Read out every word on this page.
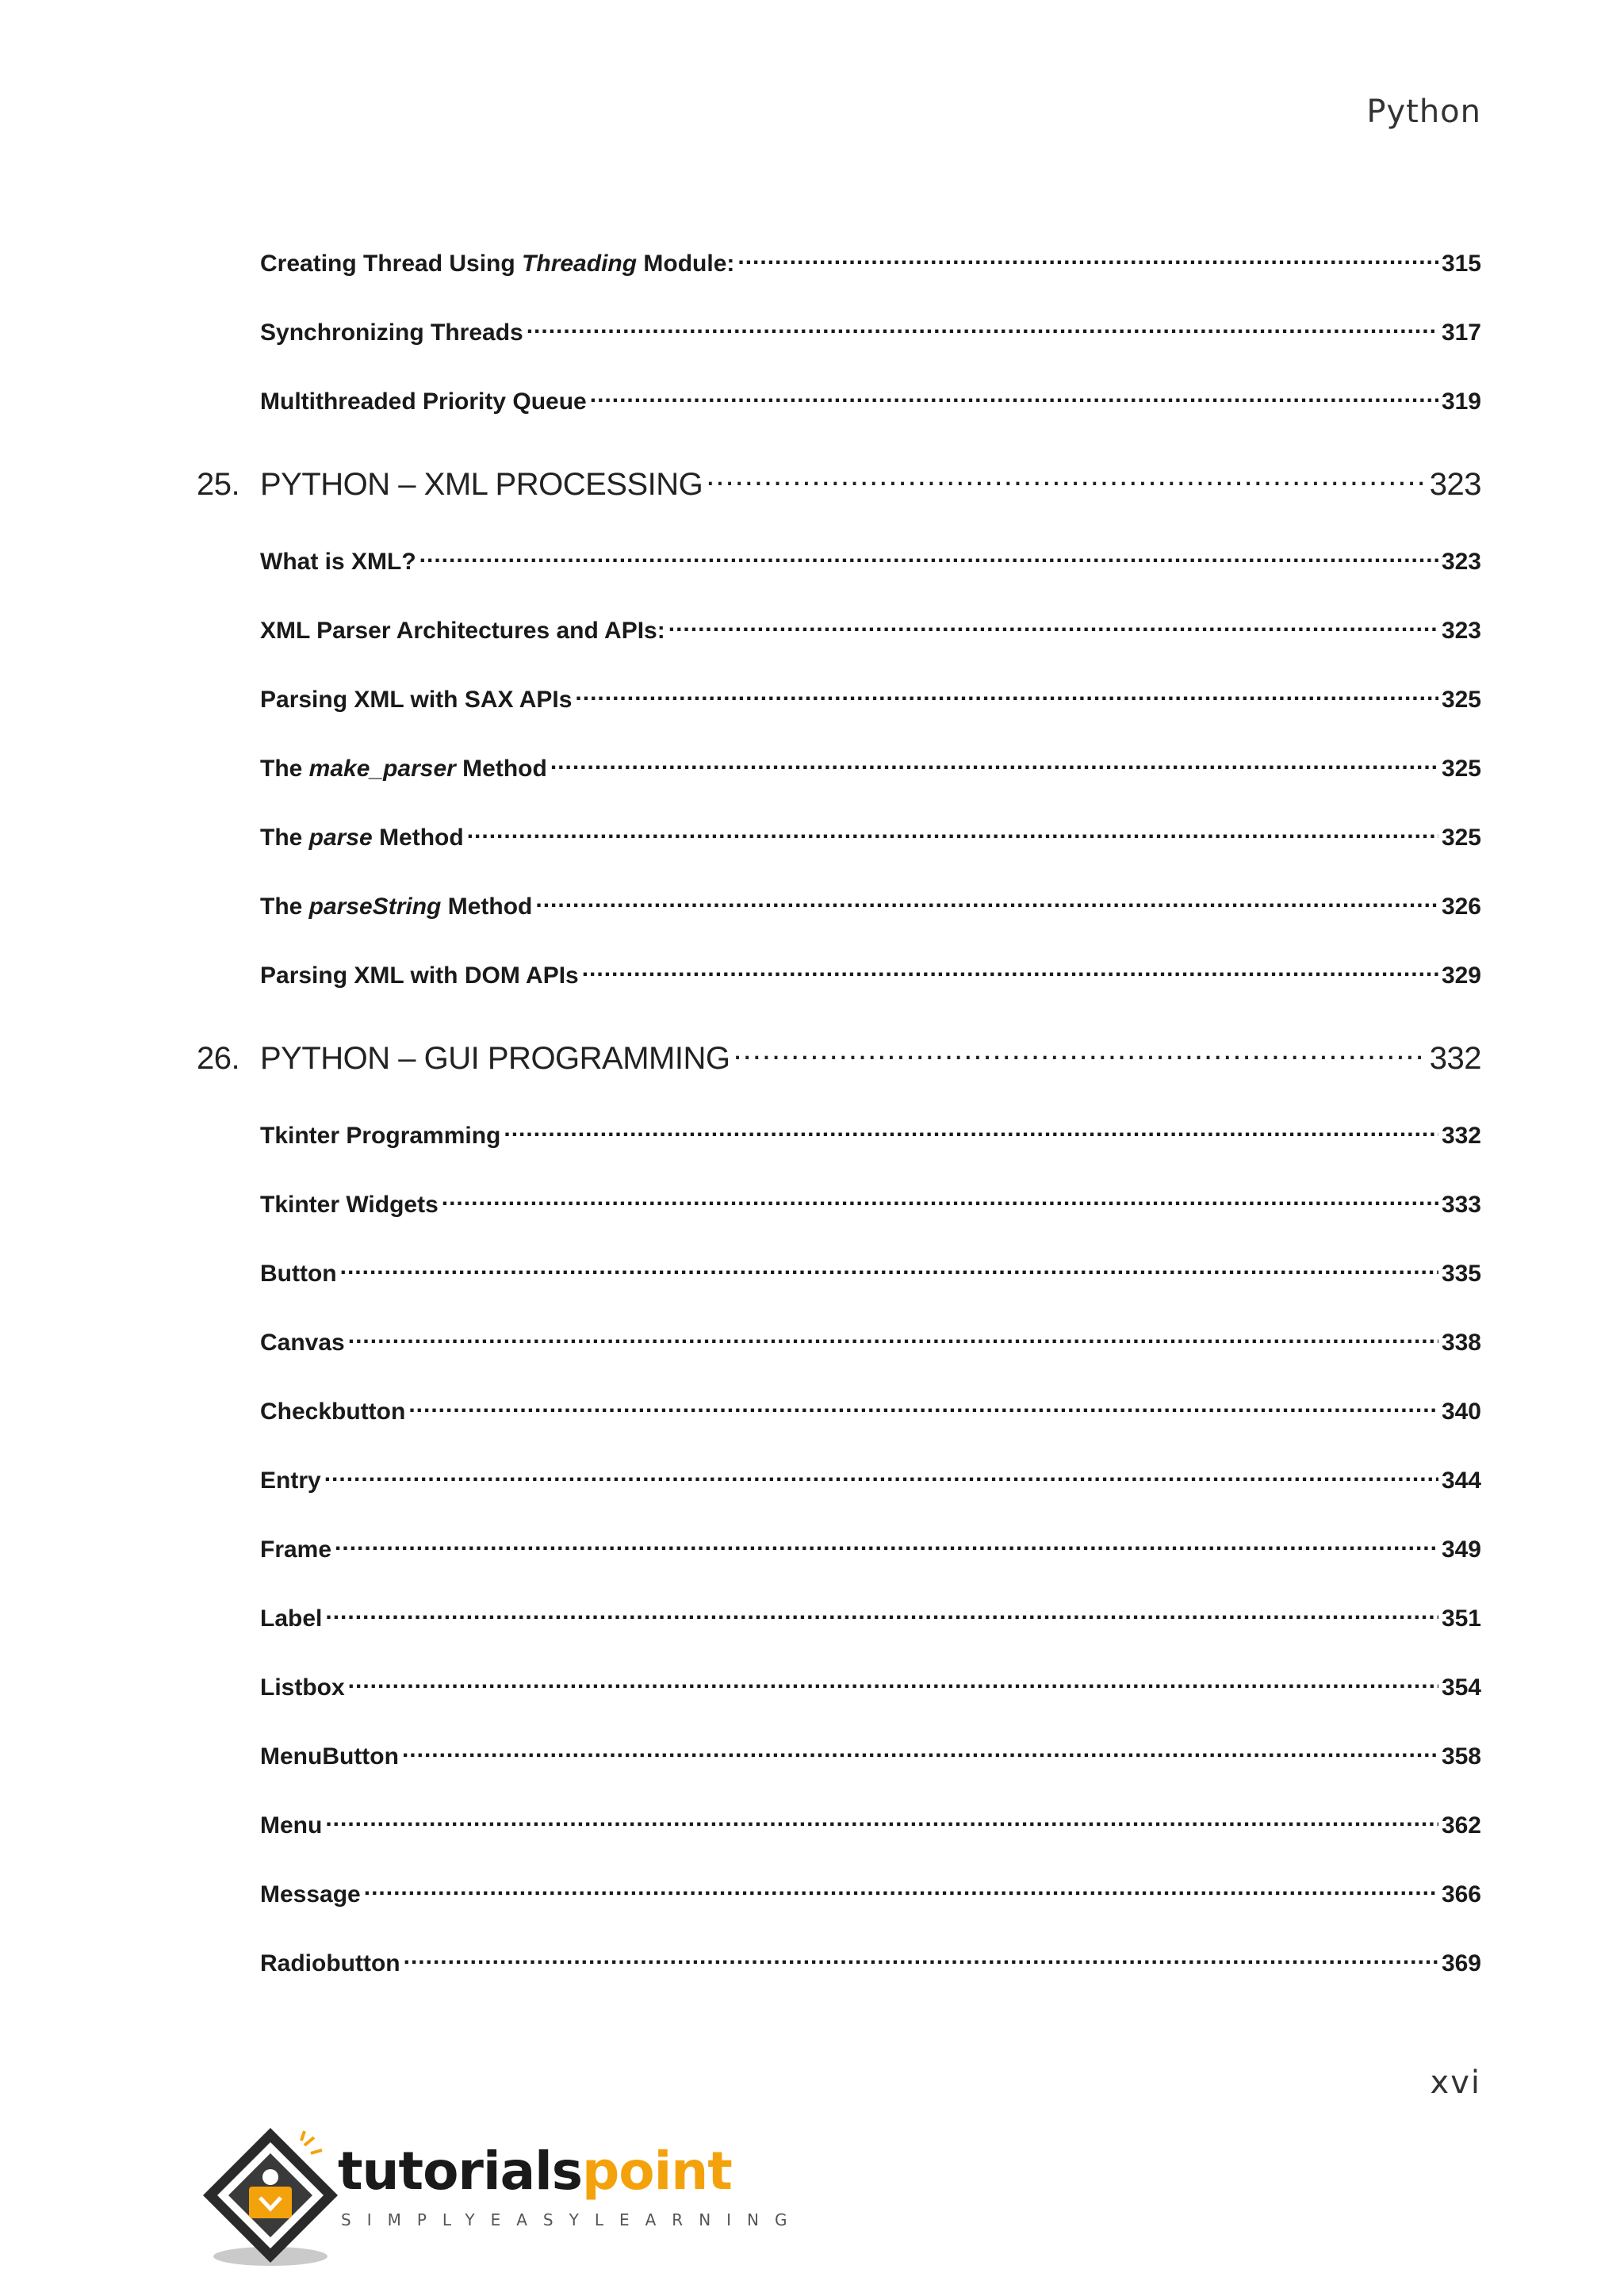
Python
Creating Thread Using Threading Module: .....	315
Synchronizing Threads .....	317
Multithreaded Priority Queue .....	319
25. PYTHON – XML PROCESSING .....	323
What is XML? .....	323
XML Parser Architectures and APIs: .....	323
Parsing XML with SAX APIs .....	325
The make_parser Method .....	325
The parse Method .....	325
The parseString Method .....	326
Parsing XML with DOM APIs .....	329
26. PYTHON – GUI PROGRAMMING .....	332
Tkinter Programming .....	332
Tkinter Widgets .....	333
Button .....	335
Canvas .....	338
Checkbutton .....	340
Entry .....	344
Frame .....	349
Label .....	351
Listbox .....	354
MenuButton .....	358
Menu .....	362
Message .....	366
Radiobutton .....	369
xvi
tutorialspoint
SIMPLYEASYLEARNING
